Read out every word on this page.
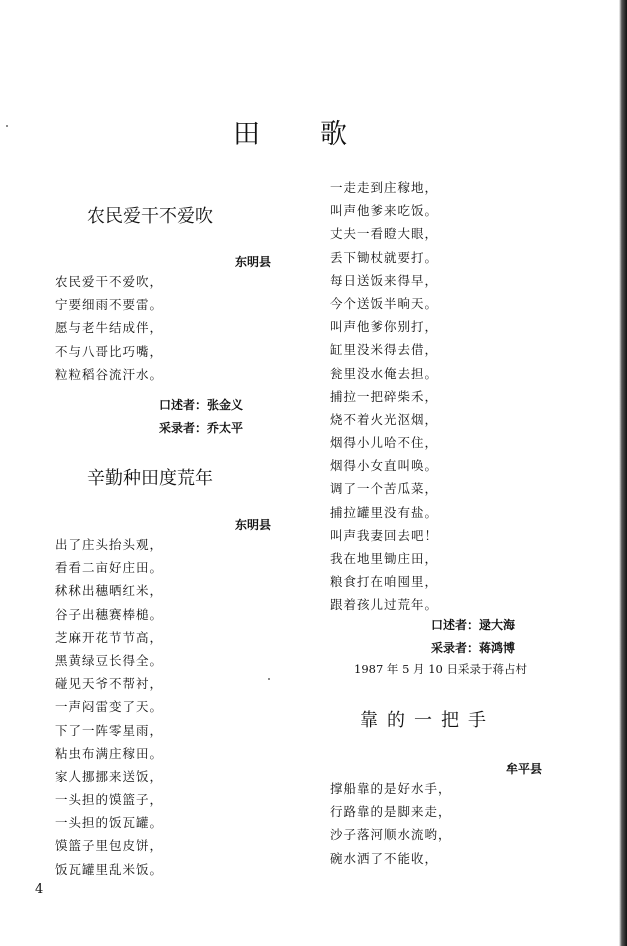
田歌
农民爱干不爱吹
东明县
农民爱干不爱吹，
宁要细雨不要雷。
愿与老牛结成伴，
不与八哥比巧嘴，
粒粒稻谷流汗水。
口述者：张金义
采录者：乔太平
辛勤种田度荒年
东明县
出了庄头抬头观，
看看二亩好庄田。
秫秫出穗晒红米，
谷子出穗赛棒槌。
芝麻开花节节高，
黑黄绿豆长得全。
碰见天爷不帮衬，
一声闷雷变了天。
下了一阵零星雨，
粘虫布满庄稼田。
家人挪挪来送饭，
一头担的馍篮子，
一头担的饭瓦罐。
馍篮子里包皮饼，
饭瓦罐里乱米饭。
一走走到庄稼地，
叫声他爹来吃饭。
丈夫一看瞪大眼，
丢下锄杖就要打。
每日送饭来得早，
今个送饭半晌天。
叫声他爹你别打，
缸里没米得去借，
瓮里没水俺去担。
捕拉一把碎柴禾，
烧不着火光沤烟，
烟得小儿哈不住，
烟得小女直叫唤。
调了一个苦瓜菜，
捕拉罐里没有盐。
叫声我妻回去吧！
我在地里锄庄田，
粮食打在咱囤里，
跟着孩儿过荒年。
口述者：逯大海
采录者：蒋鸿博
1987 年 5 月 10 日采录于蒋占村
靠的一把手
牟平县
撑船靠的是好水手，
行路靠的是脚来走，
沙子落河顺水流哟，
碗水洒了不能收，
4
